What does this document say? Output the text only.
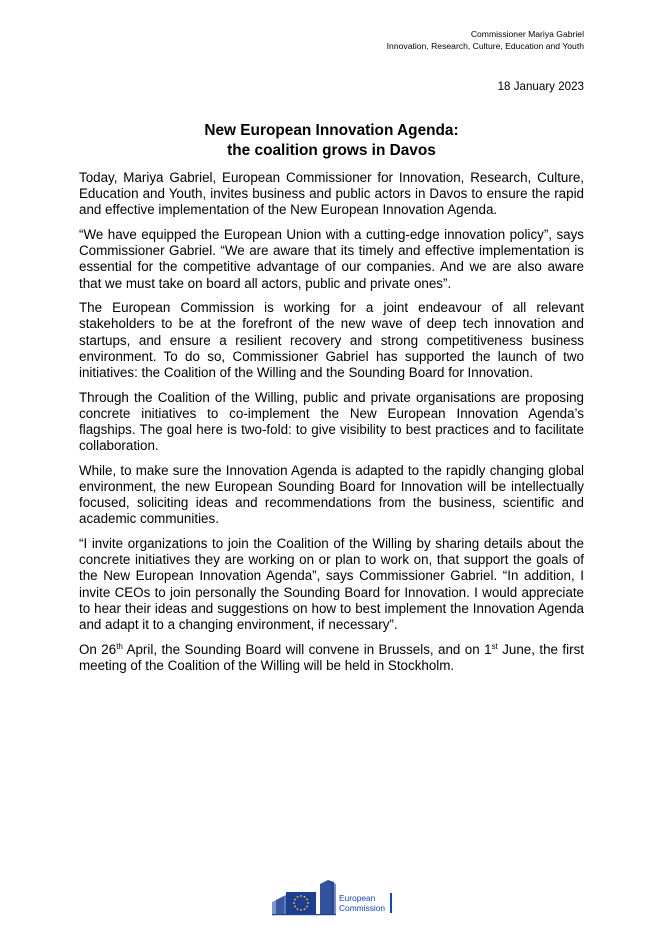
Commissioner Mariya Gabriel
Innovation, Research, Culture, Education and Youth
18 January 2023
New European Innovation Agenda:
the coalition grows in Davos

Today, Mariya Gabriel, European Commissioner for Innovation, Research, Culture, Education and Youth, invites business and public actors in Davos to ensure the rapid and effective implementation of the New European Innovation Agenda.

“We have equipped the European Union with a cutting-edge innovation policy”, says Commissioner Gabriel. “We are aware that its timely and effective implementation is essential for the competitive advantage of our companies. And we are also aware that we must take on board all actors, public and private ones”.

The European Commission is working for a joint endeavour of all relevant stakeholders to be at the forefront of the new wave of deep tech innovation and startups, and ensure a resilient recovery and strong competitiveness business environment. To do so, Commissioner Gabriel has supported the launch of two initiatives: the Coalition of the Willing and the Sounding Board for Innovation.

Through the Coalition of the Willing, public and private organisations are proposing concrete initiatives to co-implement the New European Innovation Agenda’s flagships. The goal here is two-fold: to give visibility to best practices and to facilitate collaboration.

While, to make sure the Innovation Agenda is adapted to the rapidly changing global environment, the new European Sounding Board for Innovation will be intellectually focused, soliciting ideas and recommendations from the business, scientific and academic communities.

“I invite organizations to join the Coalition of the Willing by sharing details about the concrete initiatives they are working on or plan to work on, that support the goals of the New European Innovation Agenda”, says Commissioner Gabriel. “In addition, I invite CEOs to join personally the Sounding Board for Innovation. I would appreciate to hear their ideas and suggestions on how to best implement the Innovation Agenda and adapt it to a changing environment, if necessary”.

On 26th April, the Sounding Board will convene in Brussels, and on 1st June, the first meeting of the Coalition of the Willing will be held in Stockholm.

European
Commission
